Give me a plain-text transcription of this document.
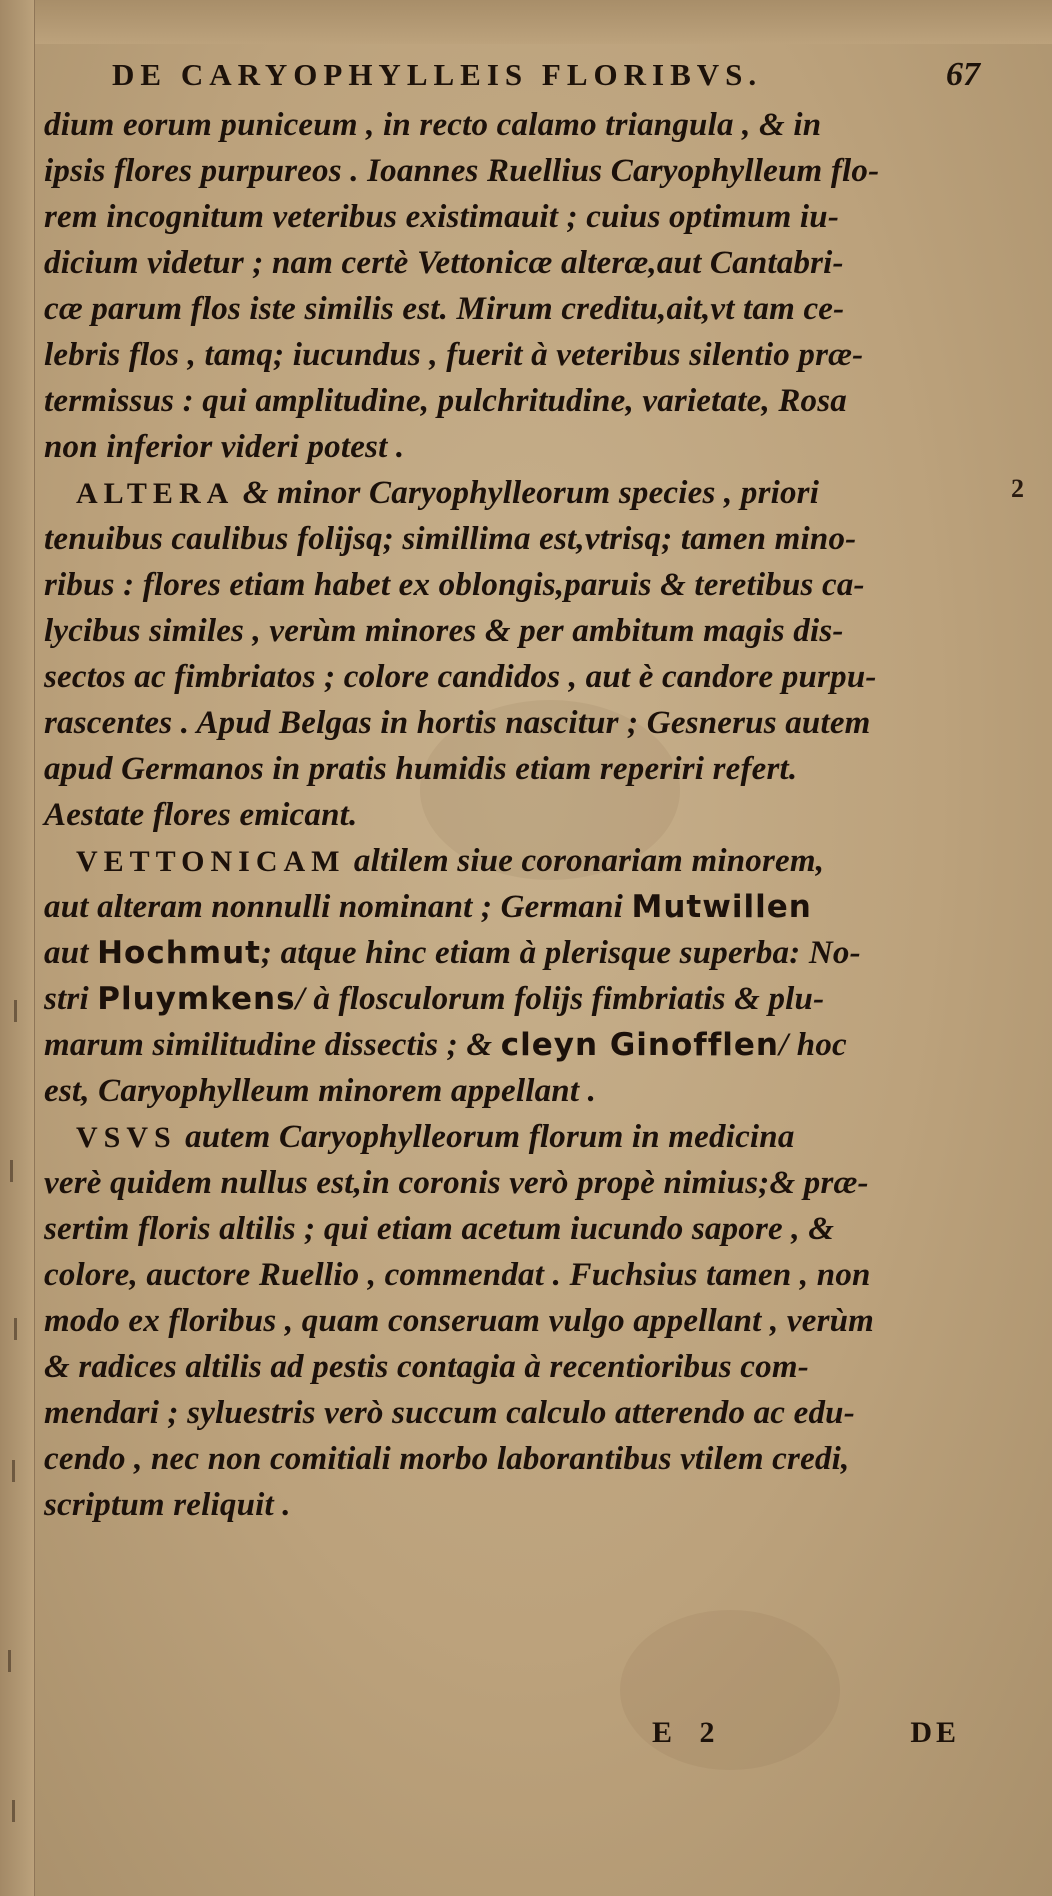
DE CARYOPHYLLEIS FLORIBVS.	67
dium eorum puniceum , in recto calamo triangula , & in
ipsis flores purpureos . Ioannes Ruellius Caryophylleum flo-
rem incognitum veteribus existimauit ; cuius optimum iu-
dicium videtur ; nam certè Vettonicæ alteræ,aut Cantabri-
cæ parum flos iste similis est. Mirum creditu,ait,vt tam ce-
lebris flos , tamq; iucundus , fuerit à veteribus silentio præ-
termissus : qui amplitudine, pulchritudine, varietate, Rosa
non inferior videri potest .
ALTERA & minor Caryophylleorum species , priori
tenuibus caulibus folijsq; simillima est,vtrisq; tamen mino-
ribus : flores etiam habet ex oblongis,paruis & teretibus ca-
lycibus similes , verùm minores & per ambitum magis dis-
sectos ac fimbriatos ; colore candidos , aut è candore purpu-
rascentes . Apud Belgas in hortis nascitur ; Gesnerus autem
apud Germanos in pratis humidis etiam reperiri refert.
Aestate flores emicant.
VETTONICAM altilem siue coronariam minorem,
aut alteram nonnulli nominant ; Germani Mutwillen
aut Hochmut; atque hinc etiam à plerisque superba: No-
stri Pluymkens/ à flosculorum folijs fimbriatis & plu-
marum similitudine dissectis ; & cleyn Ginofflen/ hoc
est, Caryophylleum minorem appellant .
VSVS autem Caryophylleorum florum in medicina
verè quidem nullus est,in coronis verò propè nimius;& præ-
sertim floris altilis ; qui etiam acetum iucundo sapore , &
colore, auctore Ruellio , commendat . Fuchsius tamen , non
modo ex floribus , quam conseruam vulgo appellant , verùm
& radices altilis ad pestis contagia à recentioribus com-
mendari ; syluestris verò succum calculo atterendo ac edu-
cendo , nec non comitiali morbo laborantibus vtilem credi,
scriptum reliquit .
2
E 2	DE
